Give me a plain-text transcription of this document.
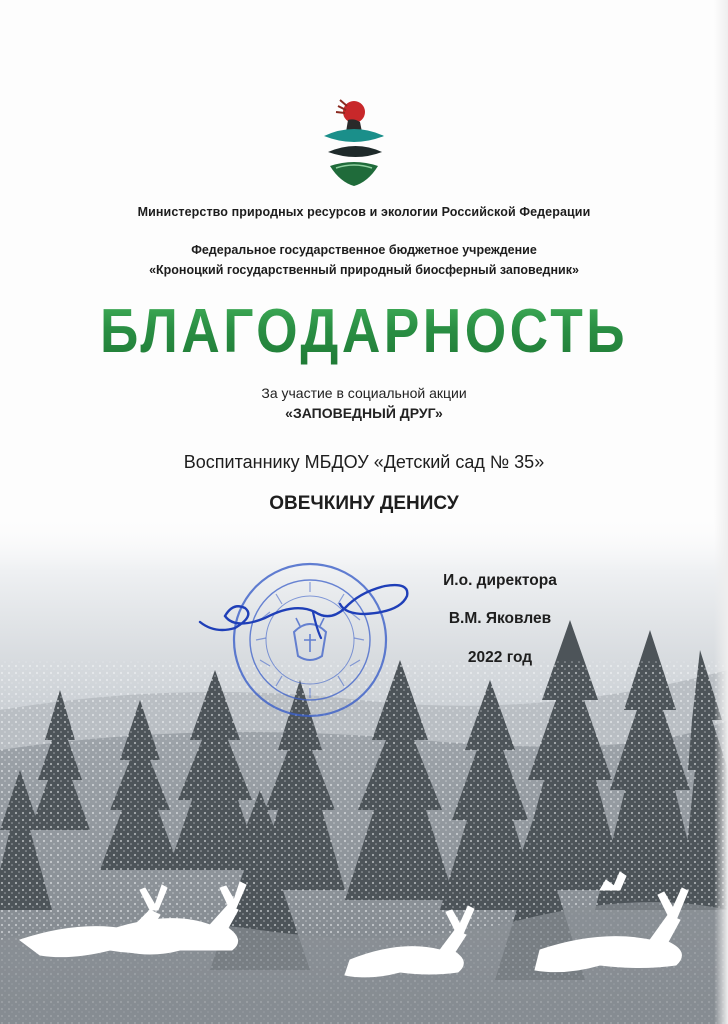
Министерство природных ресурсов и экологии Российской Федерации
Федеральное государственное бюджетное учреждение
«Кроноцкий государственный природный биосферный заповедник»
БЛАГОДАРНОСТЬ
За участие в социальной акции
«ЗАПОВЕДНЫЙ ДРУГ»
Воспитаннику МБДОУ «Детский сад № 35»
ОВЕЧКИНУ ДЕНИСУ
И.о. директора
В.М. Яковлев
2022 год
